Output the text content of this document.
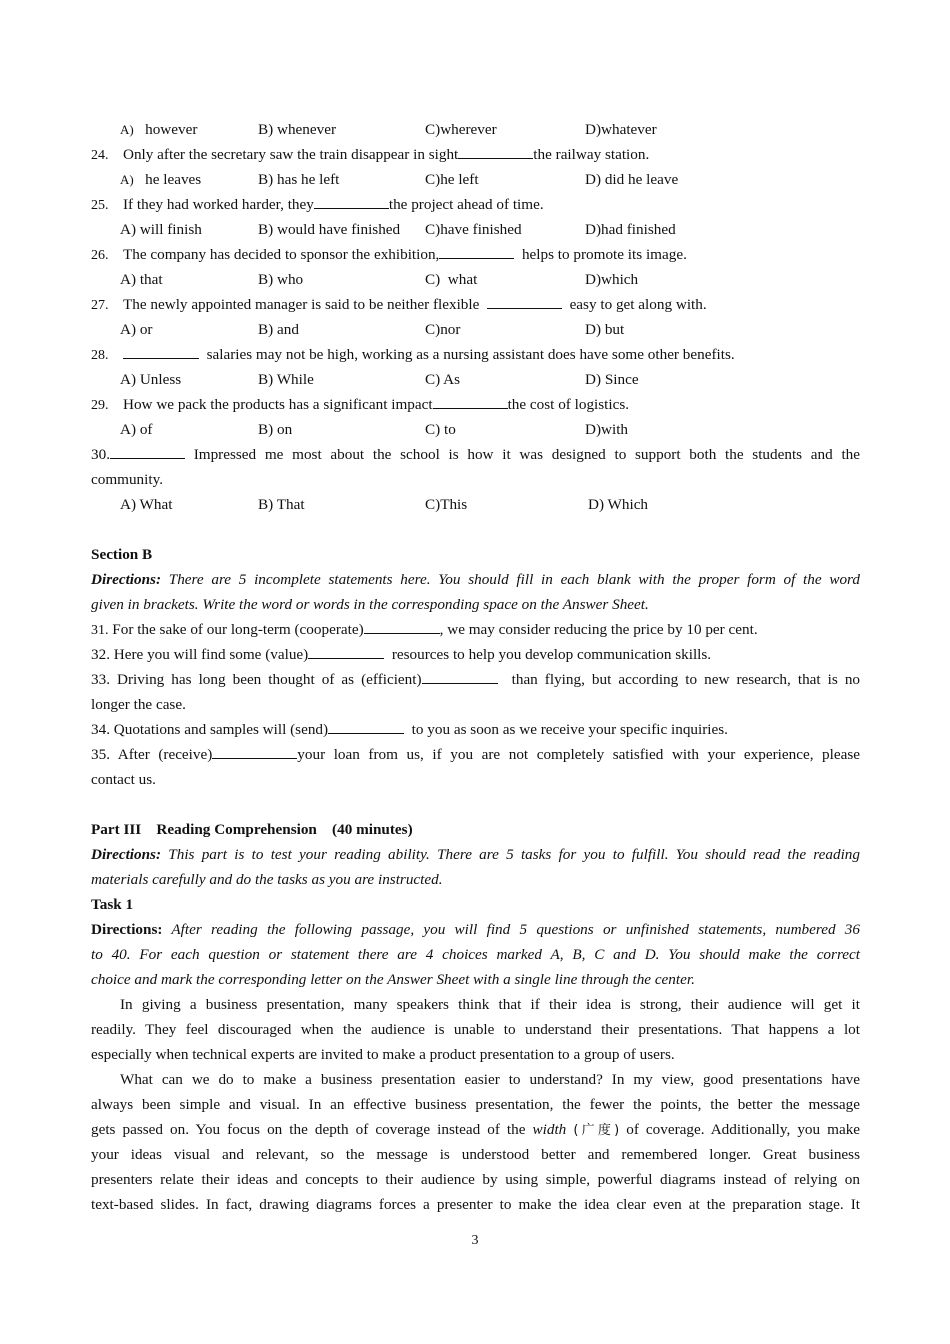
A) however	B) whenever	C)wherever	D)whatever
24. Only after the secretary saw the train disappear in sight	the railway station.
A) he leaves	B) has he left	C)he left	D) did he leave
25. If they had worked harder, they	the project ahead of time.
A) will finish	B) would have finished C)have finished	D)had finished
26. The company has decided to sponsor the exhibition,	helps to promote its image.
A) that	B) who	C)  what	D)which
27. The newly appointed manager is said to be neither flexible	easy to get along with.
A) or	B) and	C)nor	D) but
28.	salaries may not be high, working as a nursing assistant does have some other benefits.
A) Unless	B) While	C) As	D) Since
29. How we pack the products has a significant impact	the cost of logistics.
A) of	B) on	C) to	D)with
30.	Impressed me most about the school is how it was designed to support both the students and the
community.
A) What	B) That	C)This	D) Which
Section B
Directions: There are 5 incomplete statements here. You should fill in each blank with the proper form of the word
given in brackets. Write the word or words in the corresponding space on the Answer Sheet.
31. For the sake of our long-term (cooperate)	, we may consider reducing the price by 10 per cent.
32. Here you will find some (value)	resources to help you develop communication skills.
33. Driving has long been thought of as (efficient)	than flying, but according to new research, that is no
longer the case.
34. Quotations and samples will (send)	to you as soon as we receive your specific inquiries.
35. After (receive)	your loan from us, if you are not completely satisfied with your experience, please
contact us.
Part III    Reading Comprehension    (40 minutes)
Directions: This part is to test your reading ability. There are 5 tasks for you to fulfill. You should read the reading
materials carefully and do the tasks as you are instructed.
Task 1
Directions: After reading the following passage, you will find 5 questions or unfinished statements, numbered 36
to 40. For each question or statement there are 4 choices marked A, B, C and D. You should make the correct
choice and mark the corresponding letter on the Answer Sheet with a single line through the center.
In giving a business presentation, many speakers think that if their idea is strong, their audience will get it
readily. They feel discouraged when the audience is unable to understand their presentations. That happens a lot
especially when technical experts are invited to make a product presentation to a group of users.
What can we do to make a business presentation easier to understand? In my view, good presentations have
always been simple and visual. In an effective business presentation, the fewer the points, the better the message
gets passed on. You focus on the depth of coverage instead of the width (广度) of coverage. Additionally, you make
your ideas visual and relevant, so the message is understood better and remembered longer. Great business
presenters relate their ideas and concepts to their audience by using simple, powerful diagrams instead of relying on
text-based slides. In fact, drawing diagrams forces a presenter to make the idea clear even at the preparation stage. It
3
